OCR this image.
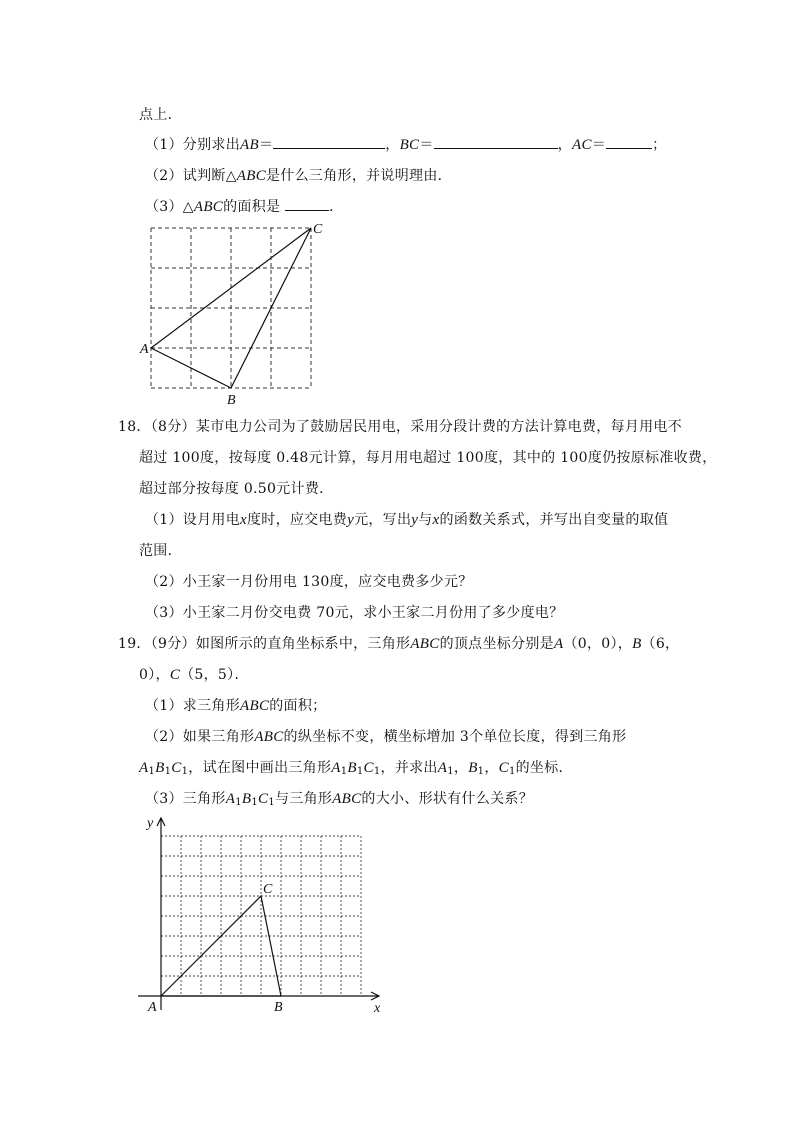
点上．
（1）分别求出AB＝	，BC＝	，AC＝	；
（2）试判断△ABC是什么三角形，并说明理由．
（3）△ABC的面积是	．
A
B
C
18．（8分）某市电力公司为了鼓励居民用电，采用分段计费的方法计算电费，每月用电不
超过 100度，按每度 0.48元计算，每月用电超过 100度，其中的 100度仍按原标准收费，
超过部分按每度 0.50元计费．
（1）设月用电x度时，应交电费y元，写出y与x的函数关系式，并写出自变量的取值
范围．
（2）小王家一月份用电 130度，应交电费多少元？
（3）小王家二月份交电费 70元，求小王家二月份用了多少度电？
19．（9分）如图所示的直角坐标系中，三角形ABC的顶点坐标分别是A（0，0），B（6，
0），C（5，5）．
（1）求三角形ABC的面积；
（2）如果三角形ABC的纵坐标不变，横坐标增加 3个单位长度，得到三角形
$A_1B_1C_1$，试在图中画出三角形$A_1B_1C_1$，并求出$A_1$，$B_1$，$C_1$的坐标．
（3）三角形$A_1B_1C_1$与三角形ABC的大小、形状有什么关系？
y
x
A	B
C
